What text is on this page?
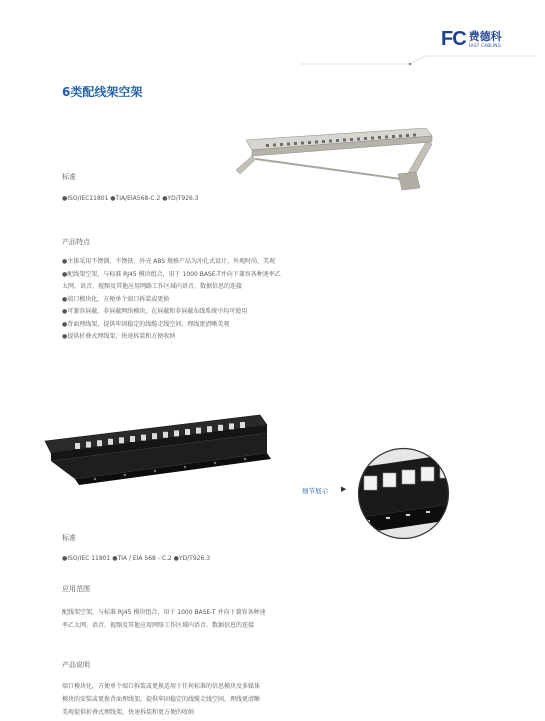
FC 费德科
FAST CABLING
6类配线架空架
标准
●ISO/IEC11801 ●TIA/EIA568-C.2 ●YD/T926.3
产品特点
●主体采用不锈钢、不锈铁，外壳 ABS 规格产品为冲孔式设计，外观时尚、美观
●配线架空架，与标准 RJ45 模块组合，用于 1000 BASE-T并向下兼容各种速率乙
太网、语音、视频及其他应用网路工作区域内语音、数据信息的连接
●端口模块化，方便单个端口拆装或更换
●可兼容屏蔽、非屏蔽网络模块，在屏蔽和非屏蔽布线系统中均可使用
●背面理线架，提供牢固稳定的线缆走线空间，理线更清晰美观
●提供折叠式理线架，快速拆装和方便收纳
细节展示 ▶
标准
●ISO/IEC 11801 ●TIA / EIA 568 - C.2 ●YD/T926.3
应用范围
配线架空架，与标准 RJ45 模块组合，用于 1000 BASE-T 并向下兼容各种速
率乙太网、语音、视频及其他应用网络工作区域内语音、数据信息的连接
产品说明
端口模块化，方便单个端口拆装或更换适用于任何标准的信息模块及多媒体
模块的安装或更换背面理线架，提供牢固稳定的线缆走线空间，理线更清晰
美观提供折叠式理线架，快速拆装和更方便的收纳
